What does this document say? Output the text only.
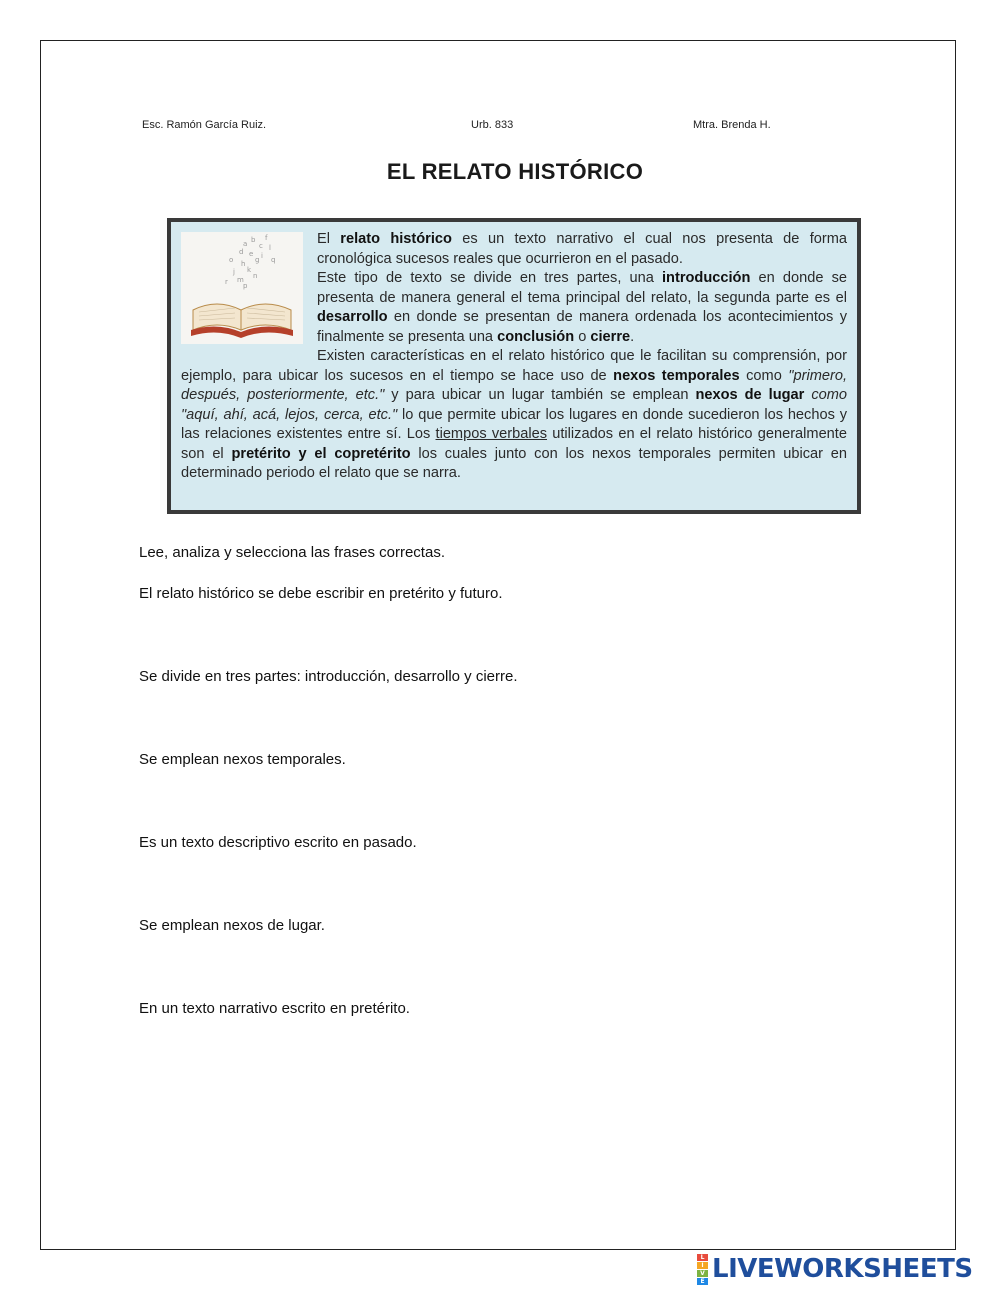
Esc. Ramón García Ruiz.	Urb. 833	Mtra. Brenda H.
EL RELATO HISTÓRICO
a b
c
d e
f
g
h
i
j k
l
m n
o
p
q
r

El relato histórico es un texto narrativo el cual nos presenta de forma cronológica sucesos reales que ocurrieron en el pasado.

Este tipo de texto se divide en tres partes, una introducción en donde se presenta de manera general el tema principal del relato, la segunda parte es el desarrollo en donde se presentan de manera ordenada los acontecimientos y finalmente se presenta una conclusión o cierre.

Existen características en el relato histórico que le facilitan su comprensión, por ejemplo, para ubicar los sucesos en el tiempo se hace uso de nexos temporales como "primero, después, posteriormente, etc." y para ubicar un lugar también se emplean nexos de lugar como "aquí, ahí, acá, lejos, cerca, etc." lo que permite ubicar los lugares en donde sucedieron los hechos y las relaciones existentes entre sí. Los tiempos verbales utilizados en el relato histórico generalmente son el pretérito y el copretérito los cuales junto con los nexos temporales permiten ubicar en determinado periodo el relato que se narra.

Lee, analiza y selecciona las frases correctas.
El relato histórico se debe escribir en pretérito y futuro.
Se divide en tres partes: introducción, desarrollo y cierre.
Se emplean nexos temporales.
Es un texto descriptivo escrito en pasado.
Se emplean nexos de lugar.
En un texto narrativo escrito en pretérito.
L
I
V
E LIVEWORKSHEETS
